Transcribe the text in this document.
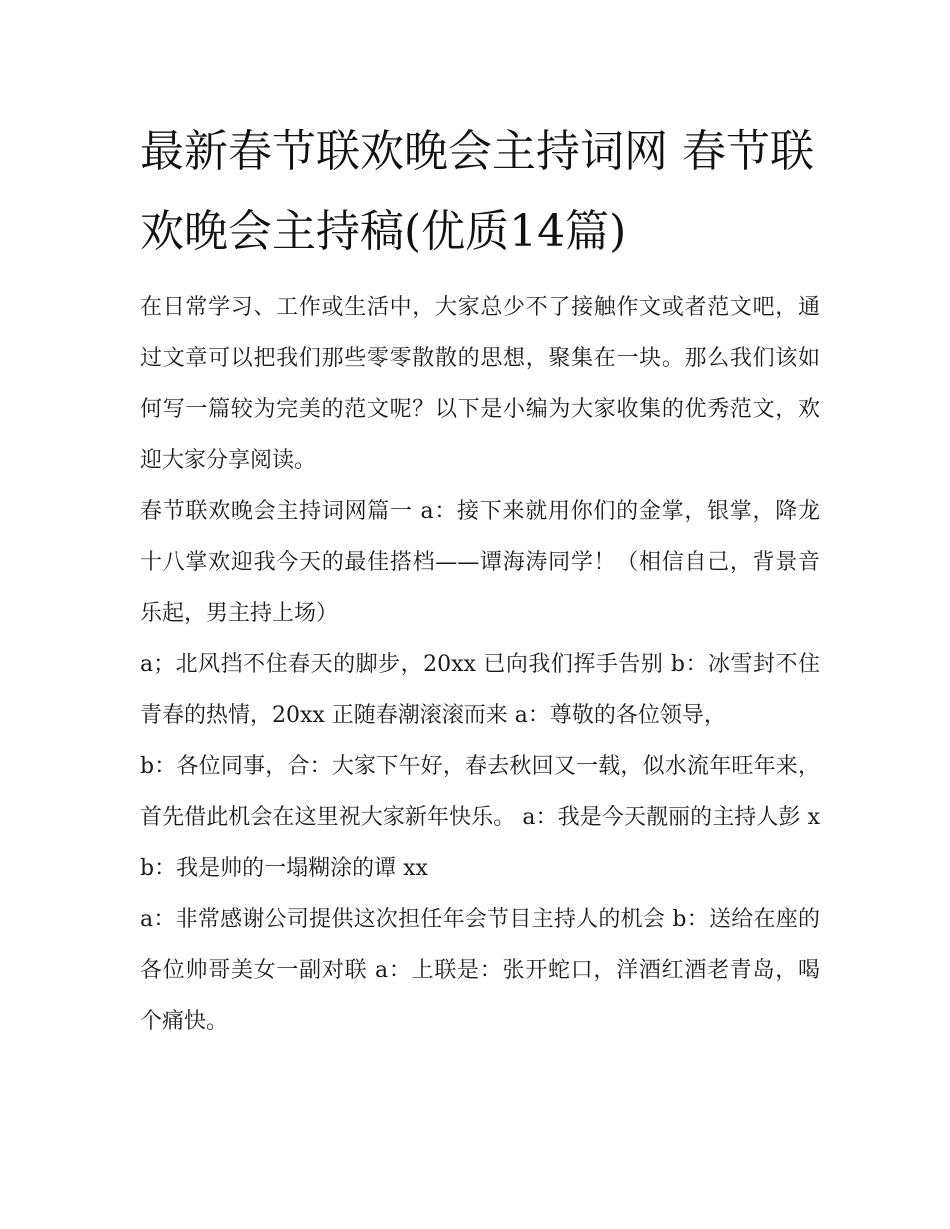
最新春节联欢晚会主持词网 春节联欢晚会主持稿(优质14篇)

在日常学习、工作或生活中，大家总少不了接触作文或者范文吧，通过文章可以把我们那些零零散散的思想，聚集在一块。那么我们该如何写一篇较为完美的范文呢？以下是小编为大家收集的优秀范文，欢迎大家分享阅读。

春节联欢晚会主持词网篇一 a：接下来就用你们的金掌，银掌，降龙十八掌欢迎我今天的最佳搭档——谭海涛同学！（相信自己，背景音乐起，男主持上场）

a；北风挡不住春天的脚步，20xx 已向我们挥手告别 b：冰雪封不住青春的热情，20xx 正随春潮滚滚而来 a：尊敬的各位领导，

b：各位同事，合：大家下午好，春去秋回又一载，似水流年旺年来，首先借此机会在这里祝大家新年快乐。 a：我是今天靓丽的主持人彭 x b：我是帅的一塌糊涂的谭 xx

a：非常感谢公司提供这次担任年会节目主持人的机会 b：送给在座的各位帅哥美女一副对联 a：上联是：张开蛇口，洋酒红酒老青岛，喝个痛快。
